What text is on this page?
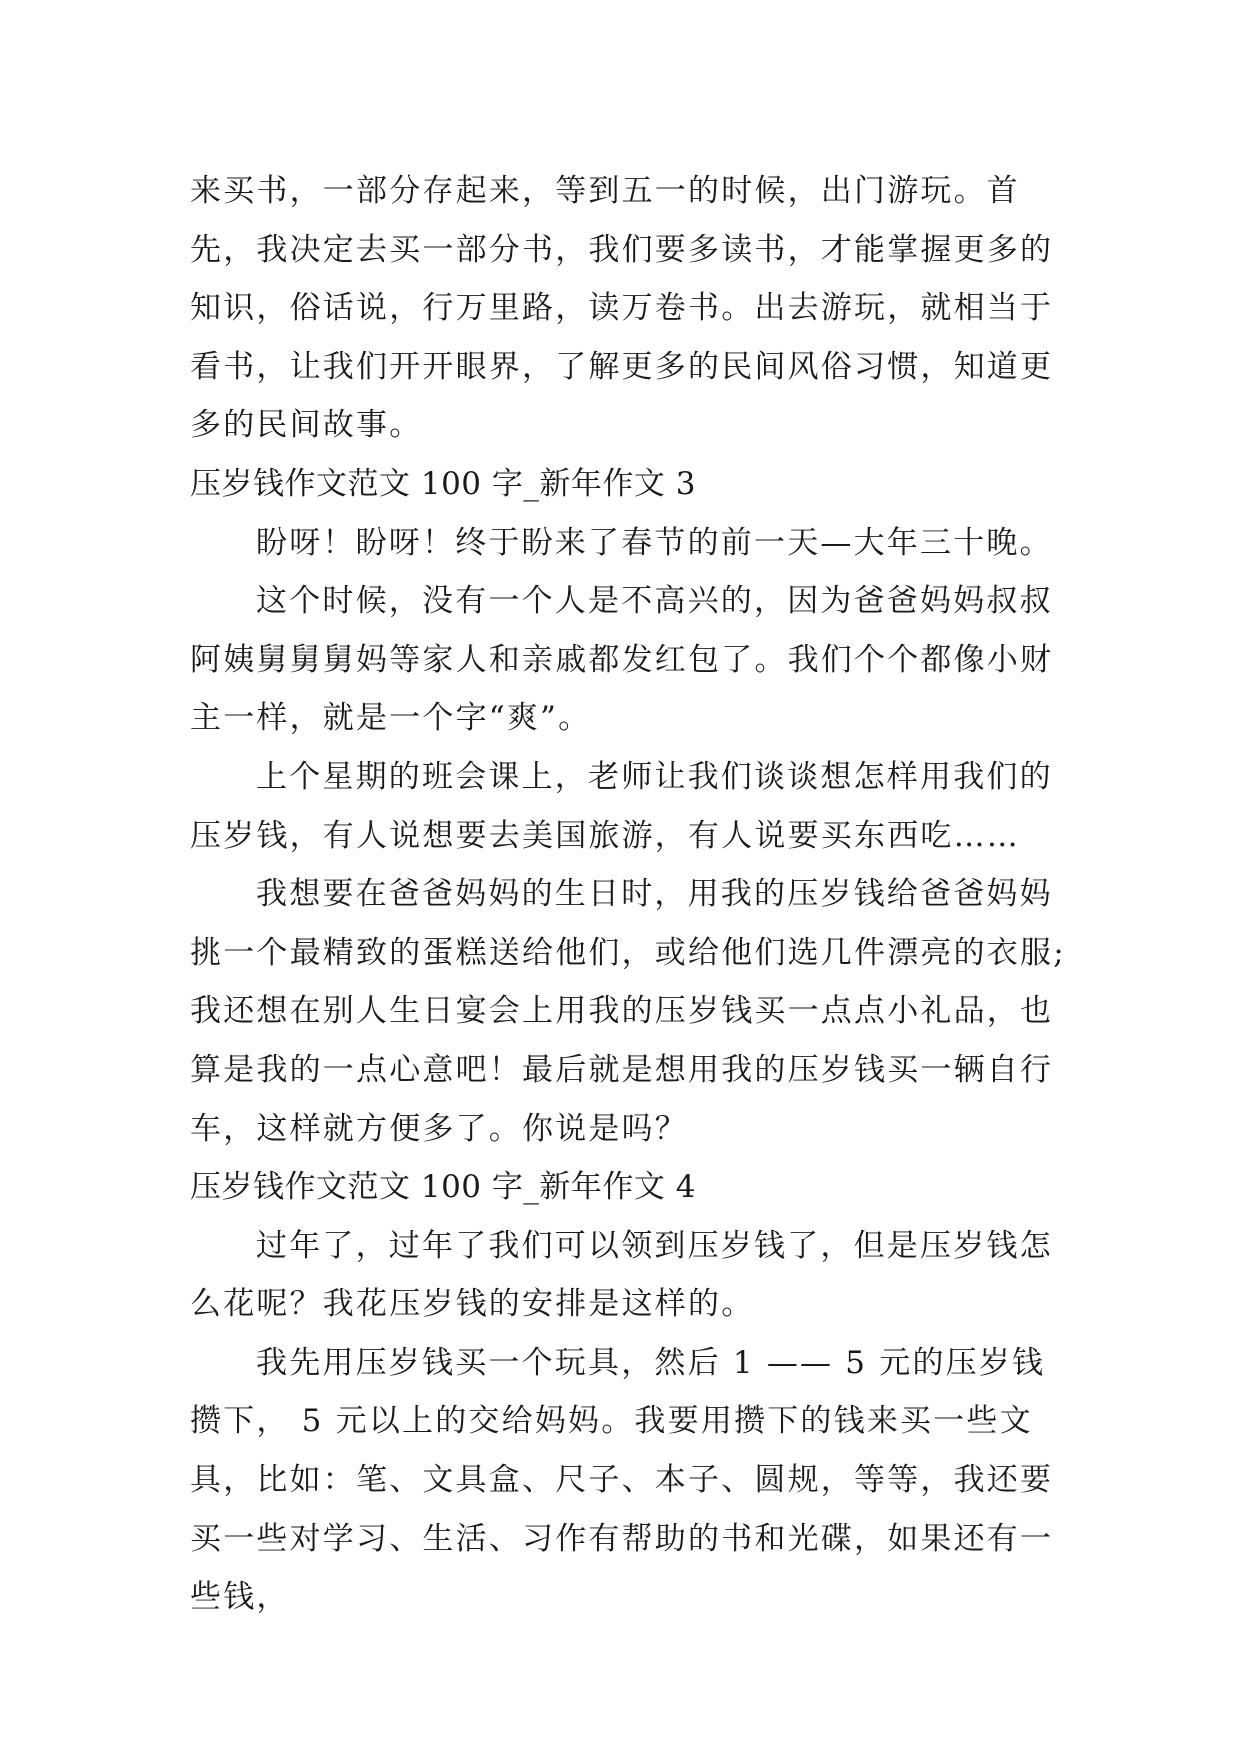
来买书，一部分存起来，等到五一的时候，出门游玩。首先，我决定去买一部分书，我们要多读书，才能掌握更多的知识，俗话说，行万里路，读万卷书。出去游玩，就相当于看书，让我们开开眼界，了解更多的民间风俗习惯，知道更多的民间故事。

压岁钱作文范文 100 字_新年作文 3

盼呀！盼呀！终于盼来了春节的前一天—大年三十晚。

这个时候，没有一个人是不高兴的，因为爸爸妈妈叔叔阿姨舅舅舅妈等家人和亲戚都发红包了。我们个个都像小财主一样，就是一个字“爽”。

上个星期的班会课上，老师让我们谈谈想怎样用我们的压岁钱，有人说想要去美国旅游，有人说要买东西吃……

我想要在爸爸妈妈的生日时，用我的压岁钱给爸爸妈妈挑一个最精致的蛋糕送给他们，或给他们选几件漂亮的衣服;我还想在别人生日宴会上用我的压岁钱买一点点小礼品，也算是我的一点心意吧！最后就是想用我的压岁钱买一辆自行车，这样就方便多了。你说是吗？

压岁钱作文范文 100 字_新年作文 4

过年了，过年了我们可以领到压岁钱了，但是压岁钱怎么花呢？我花压岁钱的安排是这样的。

我先用压岁钱买一个玩具，然后 1 —— 5 元的压岁钱攒下， 5 元以上的交给妈妈。我要用攒下的钱来买一些文具，比如：笔、文具盒、尺子、本子、圆规，等等，我还要买一些对学习、生活、习作有帮助的书和光碟，如果还有一些钱，
